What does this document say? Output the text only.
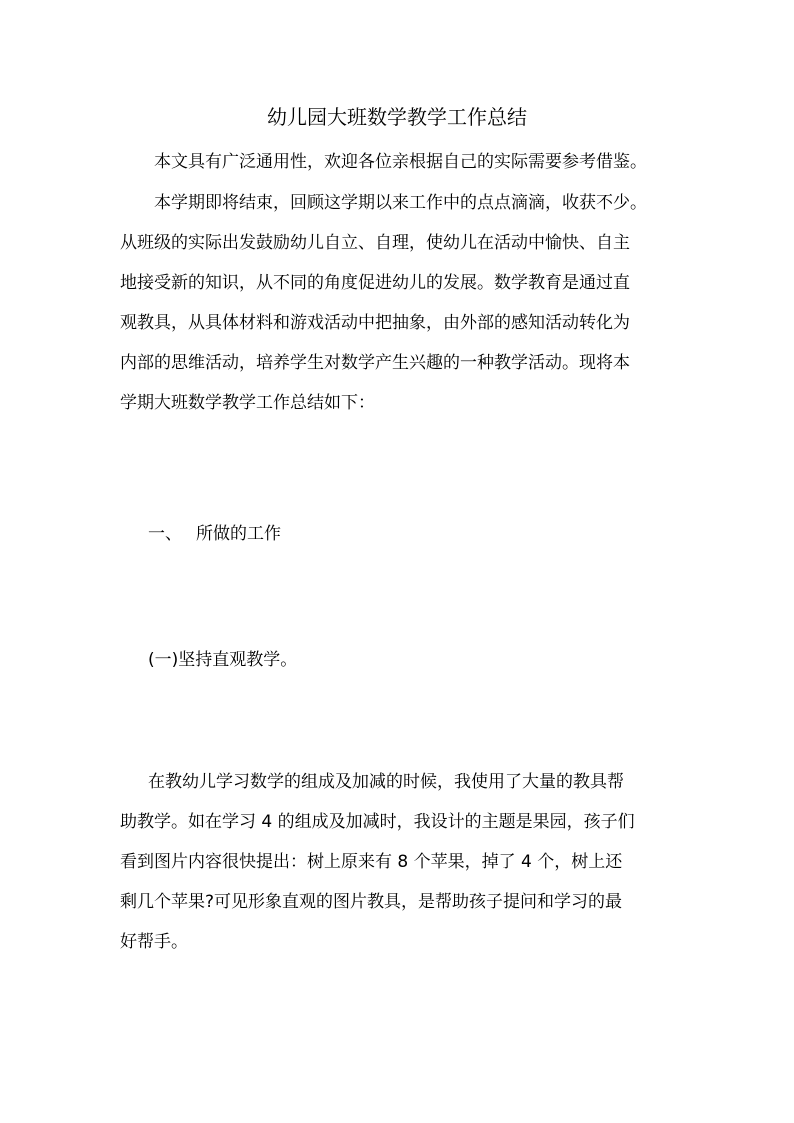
幼儿园大班数学教学工作总结
本文具有广泛通用性，欢迎各位亲根据自己的实际需要参考借鉴。
本学期即将结束，回顾这学期以来工作中的点点滴滴，收获不少。
从班级的实际出发鼓励幼儿自立、自理，使幼儿在活动中愉快、自主
地接受新的知识，从不同的角度促进幼儿的发展。数学教育是通过直
观教具，从具体材料和游戏活动中把抽象，由外部的感知活动转化为
内部的思维活动，培养学生对数学产生兴趣的一种教学活动。现将本
学期大班数学教学工作总结如下：
一、 所做的工作
(一)坚持直观教学。
在教幼儿学习数学的组成及加减的时候，我使用了大量的教具帮
助教学。如在学习 4 的组成及加减时，我设计的主题是果园，孩子们
看到图片内容很快提出：树上原来有 8 个苹果，掉了 4 个，树上还
剩几个苹果?可见形象直观的图片教具，是帮助孩子提问和学习的最
好帮手。
